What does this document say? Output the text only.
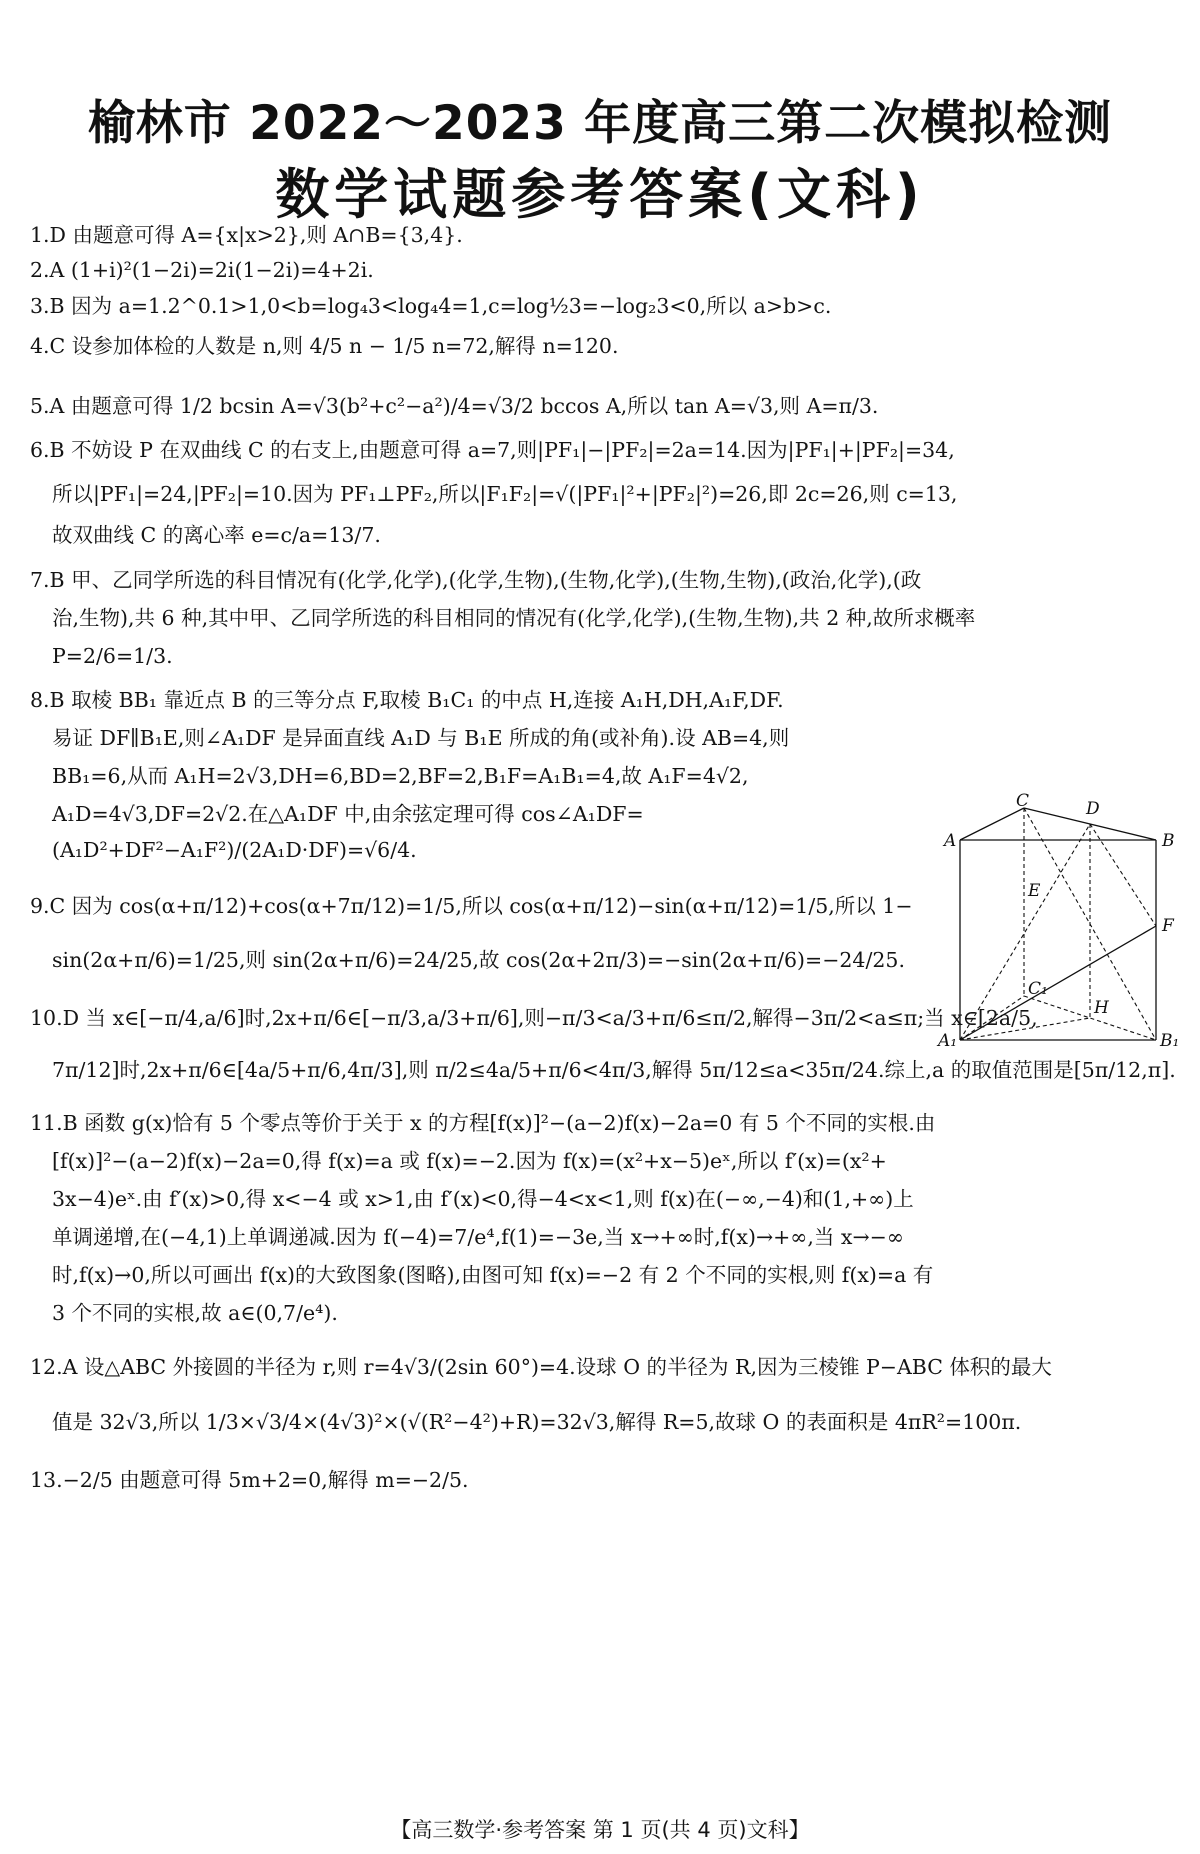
榆林市 2022～2023 年度高三第二次模拟检测
数学试题参考答案(文科)
1.D 由题意可得 A={x|x>2},则 A∩B={3,4}.
2.A (1+i)²(1−2i)=2i(1−2i)=4+2i.
3.B 因为 a=1.2^0.1>1,0<b=log₄3<log₄4=1,c=log½3=−log₂3<0,所以 a>b>c.
4.C 设参加体检的人数是 n,则 4/5 n − 1/5 n=72,解得 n=120.
5.A 由题意可得 1/2 bcsin A=√3(b²+c²−a²)/4=√3/2 bccos A,所以 tan A=√3,则 A=π/3.
6.B 不妨设 P 在双曲线 C 的右支上,由题意可得 a=7,则|PF₁|−|PF₂|=2a=14.因为|PF₁|+|PF₂|=34,
所以|PF₁|=24,|PF₂|=10.因为 PF₁⊥PF₂,所以|F₁F₂|=√(|PF₁|²+|PF₂|²)=26,即 2c=26,则 c=13,
故双曲线 C 的离心率 e=c/a=13/7.
7.B 甲、乙同学所选的科目情况有(化学,化学),(化学,生物),(生物,化学),(生物,生物),(政治,化学),(政
治,生物),共 6 种,其中甲、乙同学所选的科目相同的情况有(化学,化学),(生物,生物),共 2 种,故所求概率
P=2/6=1/3.
8.B 取棱 BB₁ 靠近点 B 的三等分点 F,取棱 B₁C₁ 的中点 H,连接 A₁H,DH,A₁F,DF.
易证 DF∥B₁E,则∠A₁DF 是异面直线 A₁D 与 B₁E 所成的角(或补角).设 AB=4,则
BB₁=6,从而 A₁H=2√3,DH=6,BD=2,BF=2,B₁F=A₁B₁=4,故 A₁F=4√2,
A₁D=4√3,DF=2√2.在△A₁DF 中,由余弦定理可得 cos∠A₁DF=
(A₁D²+DF²−A₁F²)/(2A₁D·DF)=√6/4.
9.C 因为 cos(α+π/12)+cos(α+7π/12)=1/5,所以 cos(α+π/12)−sin(α+π/12)=1/5,所以 1−
sin(2α+π/6)=1/25,则 sin(2α+π/6)=24/25,故 cos(2α+2π/3)=−sin(2α+π/6)=−24/25.
10.D 当 x∈[−π/4,a/6]时,2x+π/6∈[−π/3,a/3+π/6],则−π/3<a/3+π/6≤π/2,解得−3π/2<a≤π;当 x∈[2a/5,
7π/12]时,2x+π/6∈[4a/5+π/6,4π/3],则 π/2≤4a/5+π/6<4π/3,解得 5π/12≤a<35π/24.综上,a 的取值范围是[5π/12,π].
11.B 函数 g(x)恰有 5 个零点等价于关于 x 的方程[f(x)]²−(a−2)f(x)−2a=0 有 5 个不同的实根.由
[f(x)]²−(a−2)f(x)−2a=0,得 f(x)=a 或 f(x)=−2.因为 f(x)=(x²+x−5)eˣ,所以 f′(x)=(x²+
3x−4)eˣ.由 f′(x)>0,得 x<−4 或 x>1,由 f′(x)<0,得−4<x<1,则 f(x)在(−∞,−4)和(1,+∞)上
单调递增,在(−4,1)上单调递减.因为 f(−4)=7/e⁴,f(1)=−3e,当 x→+∞时,f(x)→+∞,当 x→−∞
时,f(x)→0,所以可画出 f(x)的大致图象(图略),由图可知 f(x)=−2 有 2 个不同的实根,则 f(x)=a 有
3 个不同的实根,故 a∈(0,7/e⁴).
12.A 设△ABC 外接圆的半径为 r,则 r=4√3/(2sin 60°)=4.设球 O 的半径为 R,因为三棱锥 P−ABC 体积的最大
值是 32√3,所以 1/3×√3/4×(4√3)²×(√(R²−4²)+R)=32√3,解得 R=5,故球 O 的表面积是 4πR²=100π.
13.−2/5 由题意可得 5m+2=0,解得 m=−2/5.
A	B
C	D
E
F
H
A₁	B₁
C₁
【高三数学·参考答案 第 1 页(共 4 页)文科】
